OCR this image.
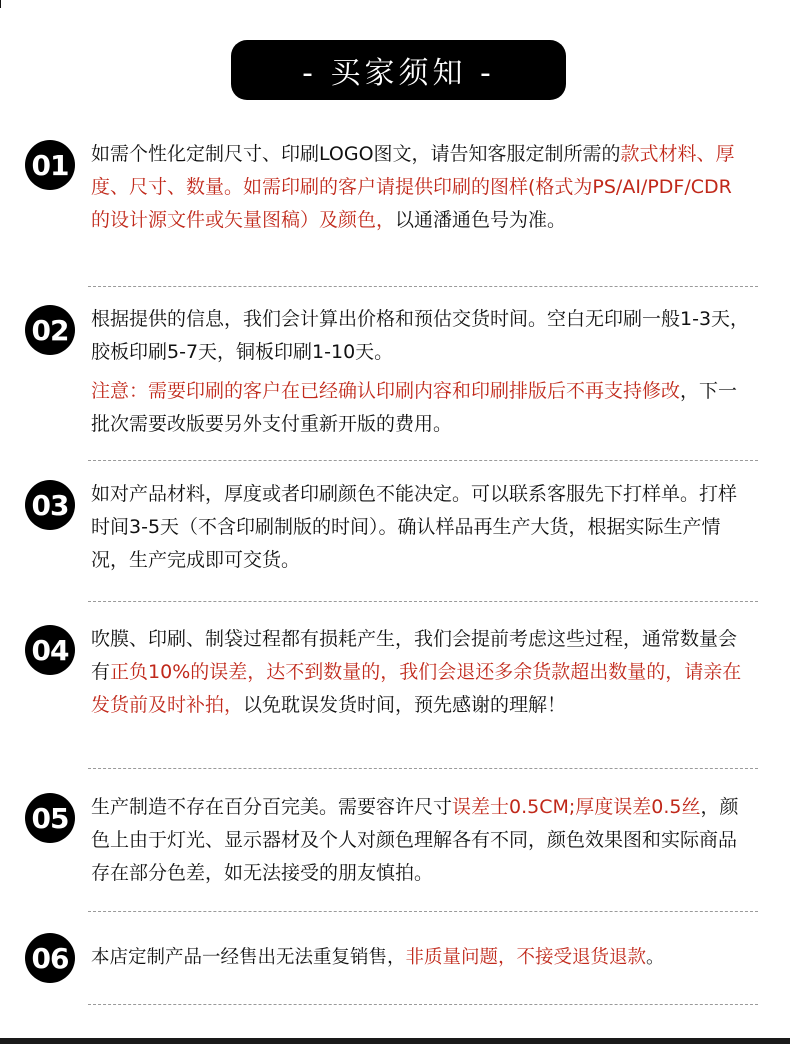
- 买家须知 -
01	如需个性化定制尺寸、印刷LOGO图文，请告知客服定制所需的款式材料、厚度、尺寸、数量。如需印刷的客户请提供印刷的图样(格式为PS/AI/PDF/CDR的设计源文件或矢量图稿）及颜色，以通潘通色号为准。

02	根据提供的信息，我们会计算出价格和预估交货时间。空白无印刷一般1-3天，胶板印刷5-7天，铜板印刷1-10天。

注意：需要印刷的客户在已经确认印刷内容和印刷排版后不再支持修改，下一批次需要改版要另外支付重新开版的费用。

03	如对产品材料，厚度或者印刷颜色不能决定。可以联系客服先下打样单。打样时间3-5天（不含印刷制版的时间）。确认样品再生产大货，根据实际生产情况，生产完成即可交货。

04	吹膜、印刷、制袋过程都有损耗产生，我们会提前考虑这些过程，通常数量会有正负10%的误差，达不到数量的，我们会退还多余货款超出数量的，请亲在发货前及时补拍，以免耽误发货时间，预先感谢的理解！

05	生产制造不存在百分百完美。需要容许尺寸误差士0.5CM;厚度误差0.5丝，颜色上由于灯光、显示器材及个人对颜色理解各有不同，颜色效果图和实际商品存在部分色差，如无法接受的朋友慎拍。

06	本店定制产品一经售出无法重复销售，非质量问题，不接受退货退款。
